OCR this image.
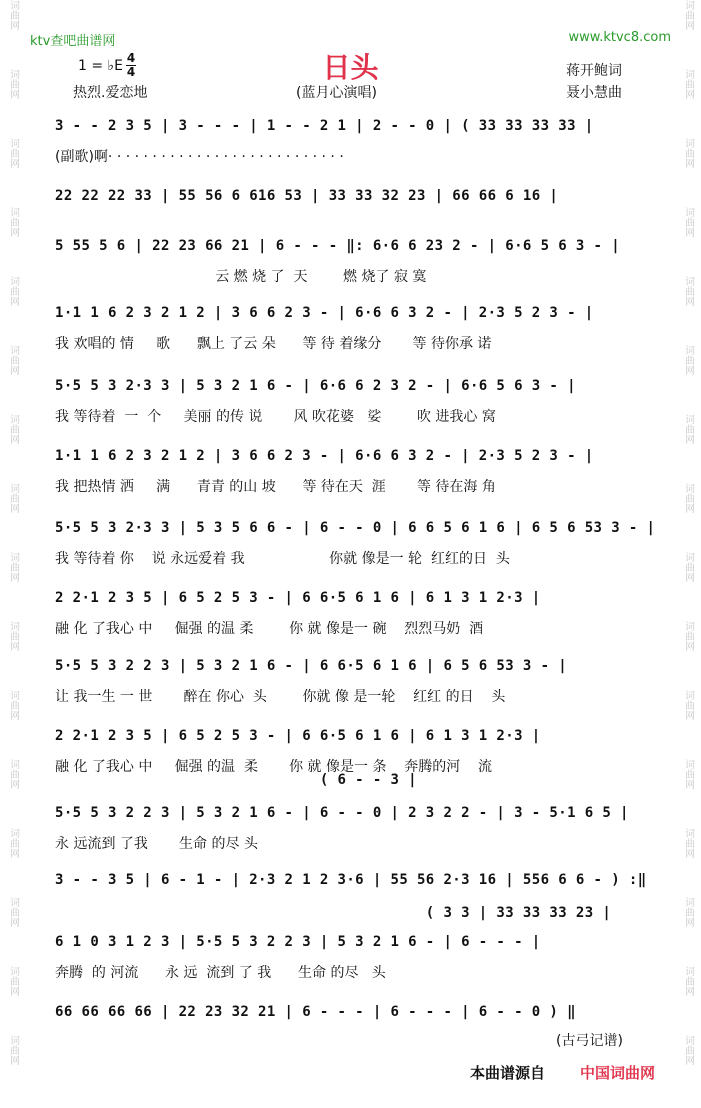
词曲网
词曲网
词曲网
词曲网
词曲网
词曲网
词曲网
词曲网
词曲网
词曲网
词曲网
词曲网
词曲网
词曲网
词曲网
词曲网
词曲网
词曲网
词曲网
词曲网
词曲网
词曲网
词曲网
词曲网
词曲网
词曲网
词曲网
词曲网
词曲网
词曲网
词曲网
词曲网
ktv查吧曲谱网	www.ktvc8.com
日头
1 = ♭E 4
4
热烈.爱恋地	(蓝月心演唱)
蒋开鲍词
聂小慧曲
3 - - 2 3 5 | 3 - - - | 1 - - 2 1 | 2 - - 0 | ( 33 33 33 33 |
(副歌)啊· · · · · · · · · · · · · · · · · · · · · · · · · · ·
22 22 22 33 | 55 56 6 616 53 | 33 33 32 23 | 66 66 6 16 |
5 55 5 6 | 22 23 66 21 | 6 - - - ‖: 6·6 6 23 2 - | 6·6 5 6 3 - |
云 燃 烧 了  天        燃 烧了 寂 寞
1·1 1 6 2 3 2 1 2 | 3 6 6 2 3 - | 6·6 6 3 2 - | 2·3 5 2 3 - |
我 欢唱的 情     歌      飘上 了云 朵      等 待 着缘分       等 待你承 诺
5·5 5 3 2·3 3 | 5 3 2 1 6 - | 6·6 6 2 3 2 - | 6·6 5 6 3 - |
我 等待着  一  个     美丽 的传 说       风 吹花婆   娑        吹 进我心 窝
1·1 1 6 2 3 2 1 2 | 3 6 6 2 3 - | 6·6 6 3 2 - | 2·3 5 2 3 - |
我 把热情 洒     满      青青 的山 坡      等 待在天  涯       等 待在海 角
5·5 5 3 2·3 3 | 5 3 5 6 6 - | 6 - - 0 | 6 6 5 6 1 6 | 6 5 6 53 3 - |
我 等待着 你    说 永远爱着 我                   你就 像是一 轮  红红的日  头
2 2·1 2 3 5 | 6 5 2 5 3 - | 6 6·5 6 1 6 | 6 1 3 1 2·3 |
融 化 了我心 中     倔强 的温 柔        你 就 像是一 碗    烈烈马奶  酒
5·5 5 3 2 2 3 | 5 3 2 1 6 - | 6 6·5 6 1 6 | 6 5 6 53 3 - |
让 我一生 一 世       醉在 你心  头        你就 像 是一轮    红红 的日    头
2 2·1 2 3 5 | 6 5 2 5 3 - | 6 6·5 6 1 6 | 6 1 3 1 2·3 |
融 化 了我心 中     倔强 的温  柔       你 就 像是一 条    奔腾的河    流
( 6 - - 3 |
5·5 5 3 2 2 3 | 5 3 2 1 6 - | 6 - - 0 | 2 3 2 2 - | 3 - 5·1 6 5 |
永 远流到 了我       生命 的尽 头
3 - - 3 5 | 6 - 1 - | 2·3 2 1 2 3·6 | 55 56 2·3 16 | 556 6 6 - ) :‖
( 3 3 | 33 33 33 23 |
6 1 0 3 1 2 3 | 5·5 5 3 2 2 3 | 5 3 2 1 6 - | 6 - - - |
奔腾  的 河流      永 远  流到 了 我      生命 的尽   头
66 66 66 66 | 22 23 32 21 | 6 - - - | 6 - - - | 6 - - 0 ) ‖
(古弓记谱)
本曲谱源自 中国词曲网
